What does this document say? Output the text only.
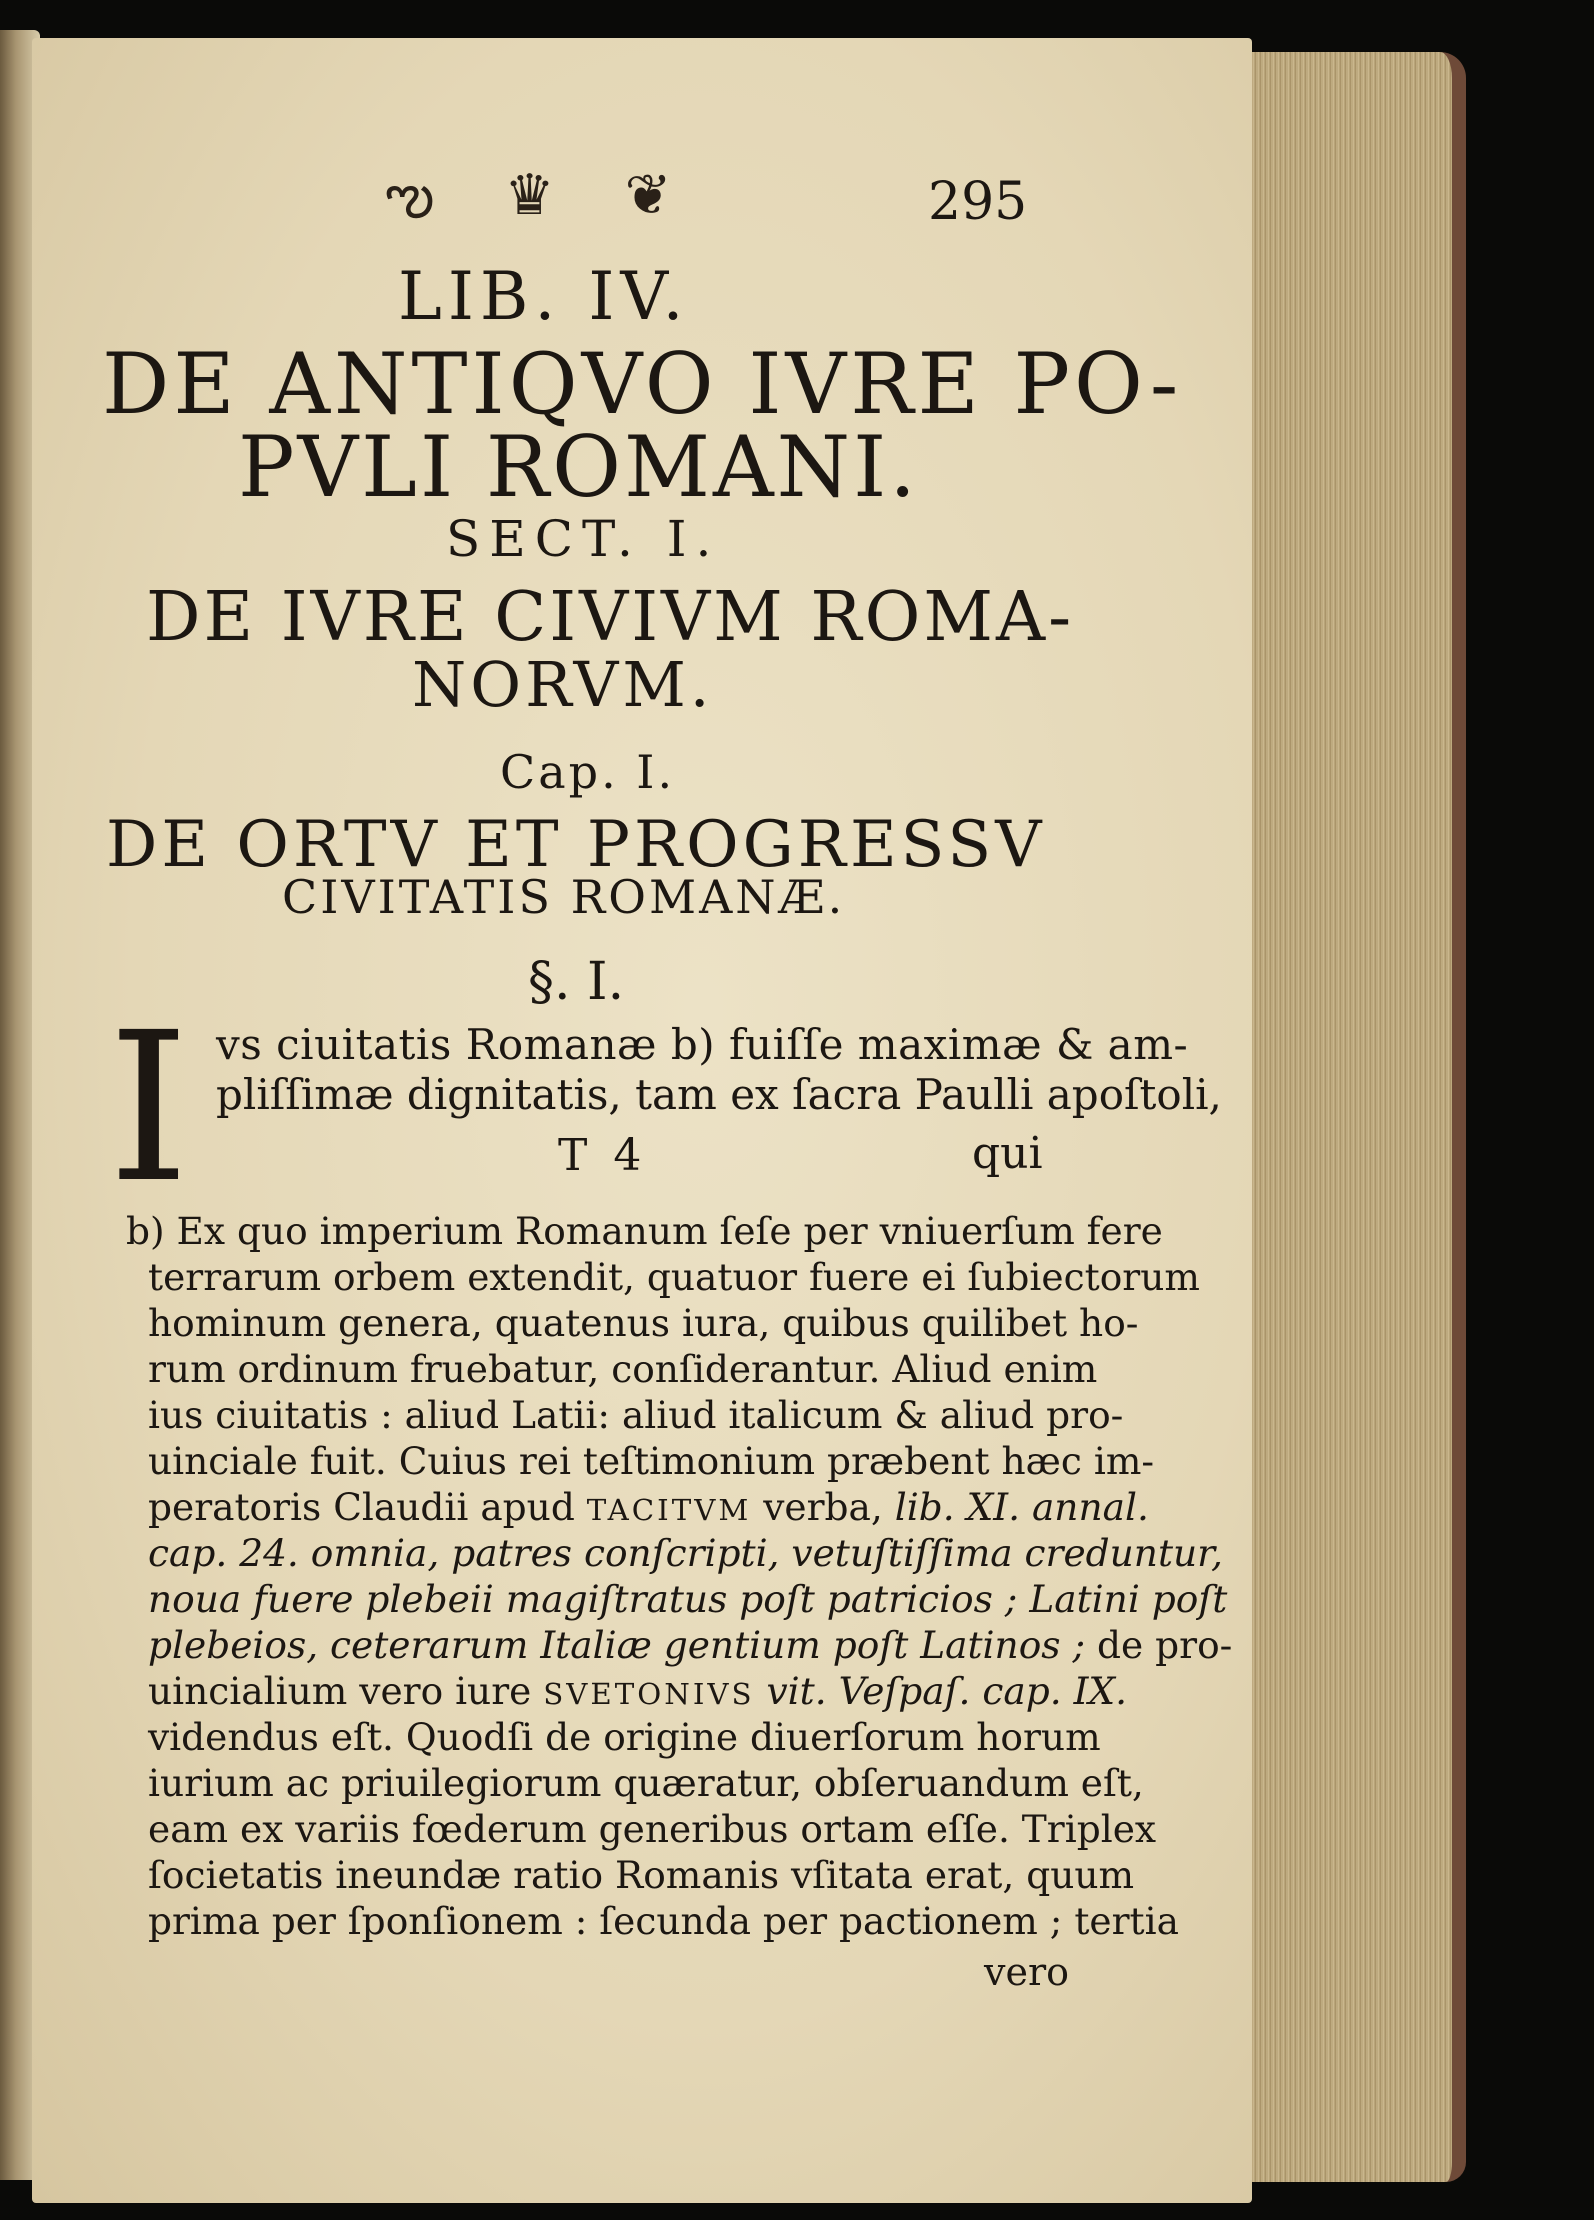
ఌ ♛ ❦	295
LIB. IV.
DE ANTIQVO IVRE PO-
PVLI ROMANI.
SECT. I.
DE IVRE CIVIVM ROMA-
NORVM.
Cap. I.
DE ORTV ET PROGRESSV
CIVITATIS ROMANÆ.
§. I.
I vs ciuitatis Romanæ b) fuiſſe maximæ & am-
pliſſimæ dignitatis, tam ex ſacra Paulli apoſtoli,
T 4	qui
b) Ex quo imperium Romanum ſeſe per vniuerſum fere
terrarum orbem extendit, quatuor fuere ei ſubiectorum
hominum genera, quatenus iura, quibus quilibet ho-
rum ordinum fruebatur, conſiderantur. Aliud enim
ius ciuitatis : aliud Latii: aliud italicum & aliud pro-
uinciale fuit. Cuius rei teſtimonium præbent hæc im-
peratoris Claudii apud TACITVM verba, lib. XI. annal.
cap. 24. omnia, patres conſcripti, vetuſtiſſima creduntur,
noua fuere plebeii magiſtratus poſt patricios ; Latini poſt
plebeios, ceterarum Italiæ gentium poſt Latinos ; de pro-
uincialium vero iure SVETONIVS vit. Veſpaſ. cap. IX.
videndus eſt. Quodſi de origine diuerſorum horum
iurium ac priuilegiorum quæratur, obſeruandum eſt,
eam ex variis fœderum generibus ortam eſſe. Triplex
ſocietatis ineundæ ratio Romanis vſitata erat, quum
prima per ſponſionem : ſecunda per pactionem ; tertia
vero
